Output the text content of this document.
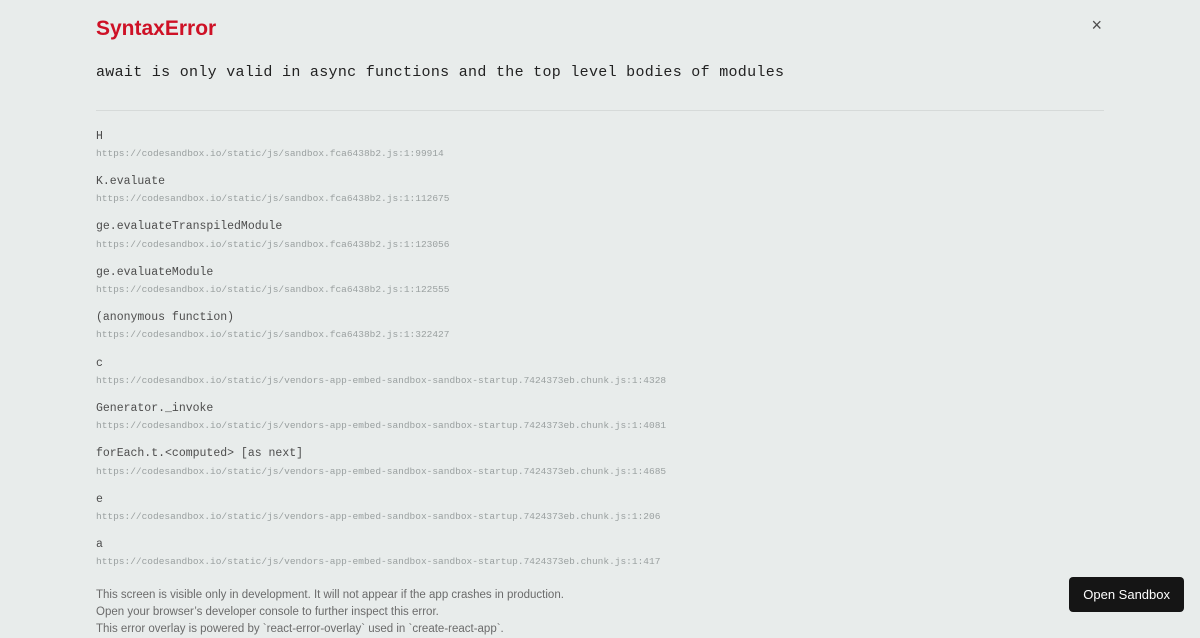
SyntaxError	×
await is only valid in async functions and the top level bodies of modules
H
https://codesandbox.io/static/js/sandbox.fca6438b2.js:1:99914
K.evaluate
https://codesandbox.io/static/js/sandbox.fca6438b2.js:1:112675
ge.evaluateTranspiledModule
https://codesandbox.io/static/js/sandbox.fca6438b2.js:1:123056
ge.evaluateModule
https://codesandbox.io/static/js/sandbox.fca6438b2.js:1:122555
(anonymous function)
https://codesandbox.io/static/js/sandbox.fca6438b2.js:1:322427
c
https://codesandbox.io/static/js/vendors-app-embed-sandbox-sandbox-startup.7424373eb.chunk.js:1:4328
Generator._invoke
https://codesandbox.io/static/js/vendors-app-embed-sandbox-sandbox-startup.7424373eb.chunk.js:1:4081
forEach.t.<computed> [as next]
https://codesandbox.io/static/js/vendors-app-embed-sandbox-sandbox-startup.7424373eb.chunk.js:1:4685
e
https://codesandbox.io/static/js/vendors-app-embed-sandbox-sandbox-startup.7424373eb.chunk.js:1:206
a
https://codesandbox.io/static/js/vendors-app-embed-sandbox-sandbox-startup.7424373eb.chunk.js:1:417
This screen is visible only in development. It will not appear if the app crashes in production.
Open your browser’s developer console to further inspect this error.
This error overlay is powered by `react-error-overlay` used in `create-react-app`.
Open Sandbox
